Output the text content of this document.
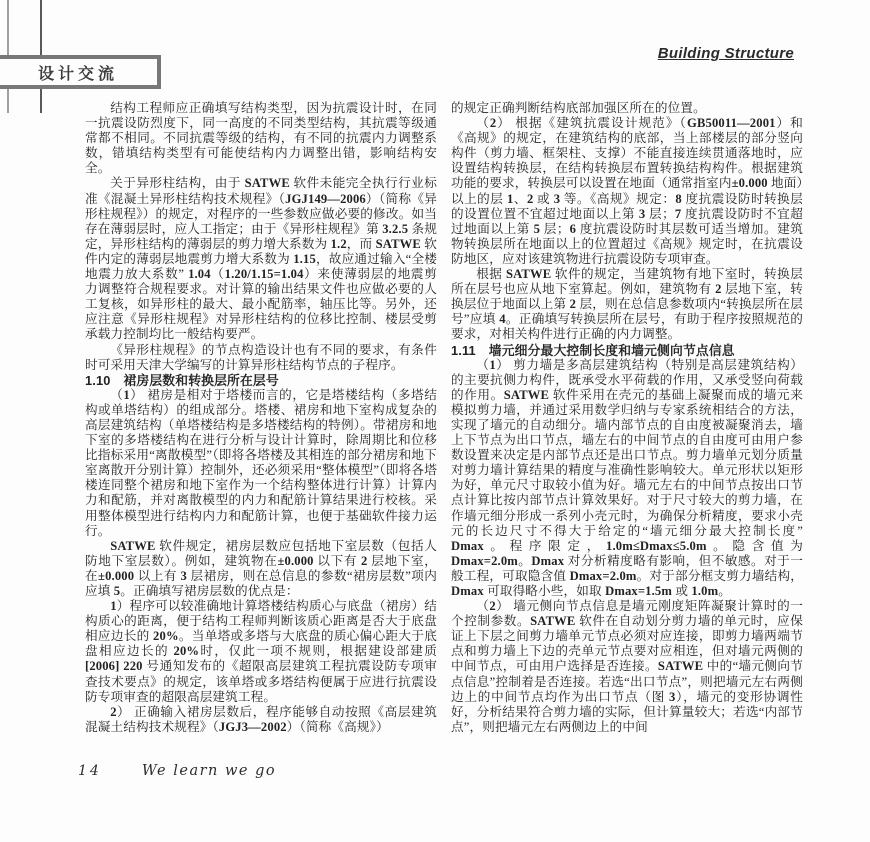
设计交流
Building Structure

结构工程师应正确填写结构类型，因为抗震设计时，在同一抗震设防烈度下，同一高度的不同类型结构，其抗震等级通常都不相同。不同抗震等级的结构，有不同的抗震内力调整系数，错填结构类型有可能使结构内力调整出错，影响结构安全。

关于异形柱结构，由于 SATWE 软件未能完全执行行业标准《混凝土异形柱结构技术规程》（JGJ149—2006）（简称《异形柱规程》）的规定，对程序的一些参数应做必要的修改。如当存在薄弱层时，应人工指定；由于《异形柱规程》第 3.2.5 条规定，异形柱结构的薄弱层的剪力增大系数为 1.2，而 SATWE 软件内定的薄弱层地震剪力增大系数为 1.15，故应通过输入“全楼地震力放大系数” 1.04（1.20/1.15=1.04）来使薄弱层的地震剪力调整符合规程要求。对计算的输出结果文件也应做必要的人工复核，如异形柱的最大、最小配筋率，轴压比等。另外，还应注意《异形柱规程》对异形柱结构的位移比控制、楼层受剪承载力控制均比一般结构要严。

《异形柱规程》的节点构造设计也有不同的要求，有条件时可采用天津大学编写的计算异形柱结构节点的子程序。

1.10　裙房层数和转换层所在层号

（1） 裙房是相对于塔楼而言的，它是塔楼结构（多塔结构或单塔结构）的组成部分。塔楼、裙房和地下室构成复杂的高层建筑结构（单塔楼结构是多塔楼结构的特例）。带裙房和地下室的多塔楼结构在进行分析与设计计算时，除周期比和位移比指标采用“离散模型”（即将各塔楼及其相连的部分裙房和地下室离散开分别计算）控制外，还必须采用“整体模型”（即将各塔楼连同整个裙房和地下室作为一个结构整体进行计算）计算内力和配筋，并对离散模型的内力和配筋计算结果进行校核。采用整体模型进行结构内力和配筋计算，也便于基础软件接力运行。

SATWE 软件规定，裙房层数应包括地下室层数（包括人防地下室层数）。例如，建筑物在±0.000 以下有 2 层地下室，在±0.000 以上有 3 层裙房，则在总信息的参数“裙房层数”项内应填 5。正确填写裙房层数的优点是：

1）程序可以较准确地计算塔楼结构质心与底盘（裙房）结构质心的距离，便于结构工程师判断该质心距离是否大于底盘相应边长的 20%。当单塔或多塔与大底盘的质心偏心距大于底盘相应边长的 20%时，仅此一项不规则，根据建设部建质[2006] 220 号通知发布的《超限高层建筑工程抗震设防专项审查技术要点》的规定，该单塔或多塔结构便属于应进行抗震设防专项审查的超限高层建筑工程。

2） 正确输入裙房层数后，程序能够自动按照《高层建筑混凝土结构技术规程》（JGJ3—2002）（简称《高规》）

的规定正确判断结构底部加强区所在的位置。

（2） 根据《建筑抗震设计规范》（GB50011—2001）和《高规》的规定，在建筑结构的底部，当上部楼层的部分竖向构件（剪力墙、框架柱、支撑）不能直接连续贯通落地时，应设置结构转换层，在结构转换层布置转换结构构件。根据建筑功能的要求，转换层可以设置在地面（通常指室内±0.000 地面）以上的层 1、2 或 3 等。《高规》规定：8 度抗震设防时转换层的设置位置不宜超过地面以上第 3 层；7 度抗震设防时不宜超过地面以上第 5 层；6 度抗震设防时其层数可适当增加。建筑物转换层所在地面以上的位置超过《高规》规定时，在抗震设防地区，应对该建筑物进行抗震设防专项审查。

根据 SATWE 软件的规定，当建筑物有地下室时，转换层所在层号也应从地下室算起。例如，建筑物有 2 层地下室，转换层位于地面以上第 2 层，则在总信息参数项内“转换层所在层号”应填 4。正确填写转换层所在层号，有助于程序按照规范的要求，对相关构件进行正确的内力调整。

1.11　墙元细分最大控制长度和墙元侧向节点信息

（1） 剪力墙是多高层建筑结构（特别是高层建筑结构）的主要抗侧力构件，既承受水平荷载的作用，又承受竖向荷载的作用。SATWE 软件采用在壳元的基础上凝聚而成的墙元来模拟剪力墙，并通过采用数学归纳与专家系统相结合的方法，实现了墙元的自动细分。墙内部节点的自由度被凝聚消去，墙上下节点为出口节点，墙左右的中间节点的自由度可由用户参数设置来决定是内部节点还是出口节点。剪力墙单元划分质量对剪力墙计算结果的精度与准确性影响较大。单元形状以矩形为好，单元尺寸取较小值为好。墙元左右的中间节点按出口节点计算比按内部节点计算效果好。对于尺寸较大的剪力墙，在作墙元细分形成一系列小壳元时，为确保分析精度，要求小壳元的长边尺寸不得大于给定的“墙元细分最大控制长度” Dmax。程序限定，1.0m≤Dmax≤5.0m。隐含值为 Dmax=2.0m。Dmax 对分析精度略有影响，但不敏感。对于一般工程，可取隐含值 Dmax=2.0m。对于部分框支剪力墙结构，Dmax 可取得略小些，如取 Dmax=1.5m 或 1.0m。

（2） 墙元侧向节点信息是墙元刚度矩阵凝聚计算时的一个控制参数。SATWE 软件在自动划分剪力墙的单元时，应保证上下层之间剪力墙单元节点必须对应连接，即剪力墙两端节点和剪力墙上下边的壳单元节点要对应相连，但对墙元两侧的中间节点，可由用户选择是否连接。SATWE 中的“墙元侧向节点信息”控制着是否连接。若选“出口节点”，则把墙元左右两侧边上的中间节点均作为出口节点（图 3），墙元的变形协调性好，分析结果符合剪力墙的实际，但计算量较大；若选“内部节点”，则把墙元左右两侧边上的中间

14	We learn we go
